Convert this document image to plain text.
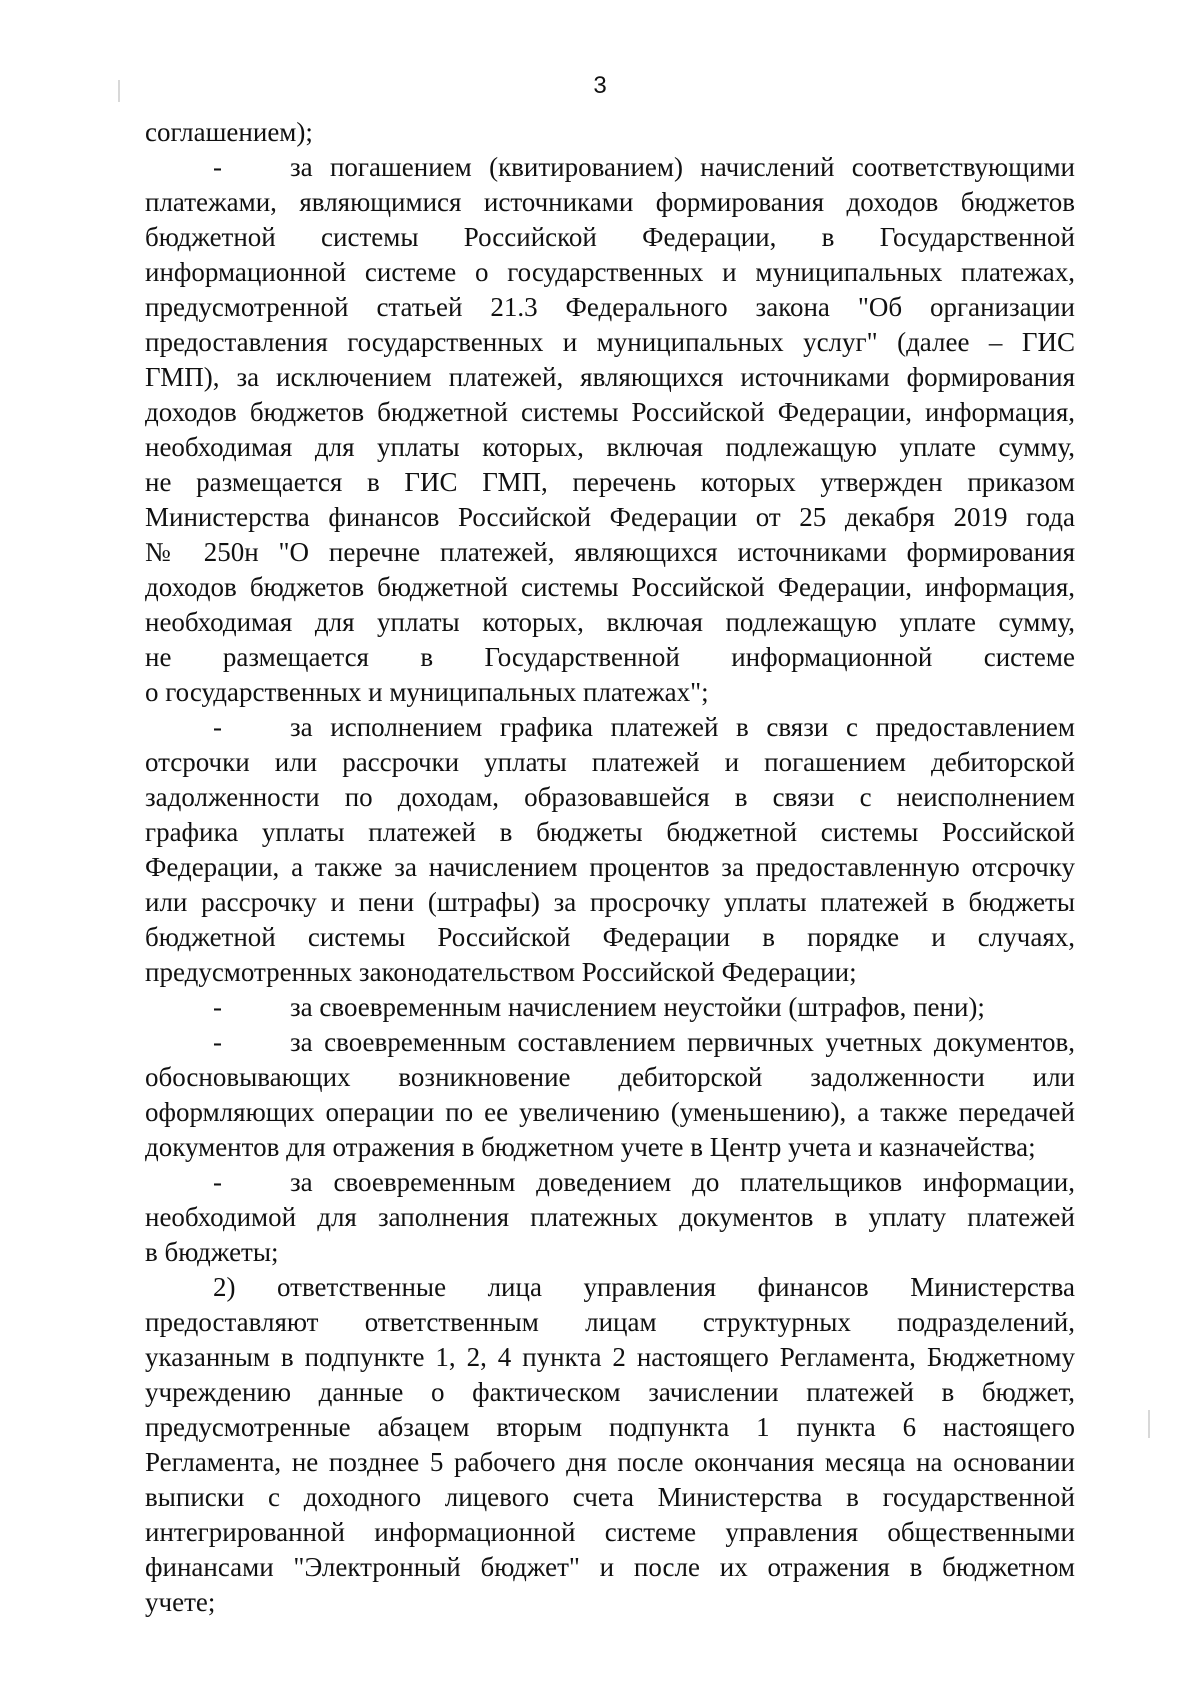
3
соглашением);
-	за погашением (квитированием) начислений соответствующими
платежами, являющимися источниками формирования доходов бюджетов
бюджетной системы Российской Федерации, в Государственной
информационной системе о государственных и муниципальных платежах,
предусмотренной статьей 21.3 Федерального закона "Об организации
предоставления государственных и муниципальных услуг" (далее – ГИС
ГМП), за исключением платежей, являющихся источниками формирования
доходов бюджетов бюджетной системы Российской Федерации, информация,
необходимая для уплаты которых, включая подлежащую уплате сумму,
не размещается в ГИС ГМП, перечень которых утвержден приказом
Министерства финансов Российской Федерации от 25 декабря 2019 года
№ 250н "О перечне платежей, являющихся источниками формирования
доходов бюджетов бюджетной системы Российской Федерации, информация,
необходимая для уплаты которых, включая подлежащую уплате сумму,
не размещается в Государственной информационной системе
о государственных и муниципальных платежах";
-	за исполнением графика платежей в связи с предоставлением
отсрочки или рассрочки уплаты платежей и погашением дебиторской
задолженности по доходам, образовавшейся в связи с неисполнением
графика уплаты платежей в бюджеты бюджетной системы Российской
Федерации, а также за начислением процентов за предоставленную отсрочку
или рассрочку и пени (штрафы) за просрочку уплаты платежей в бюджеты
бюджетной системы Российской Федерации в порядке и случаях,
предусмотренных законодательством Российской Федерации;
-	за своевременным начислением неустойки (штрафов, пени);
-	за своевременным составлением первичных учетных документов,
обосновывающих возникновение дебиторской задолженности или
оформляющих операции по ее увеличению (уменьшению), а также передачей
документов для отражения в бюджетном учете в Центр учета и казначейства;
-	за своевременным доведением до плательщиков информации,
необходимой для заполнения платежных документов в уплату платежей
в бюджеты;
2) ответственные лица управления финансов Министерства
предоставляют ответственным лицам структурных подразделений,
указанным в подпункте 1, 2, 4 пункта 2 настоящего Регламента, Бюджетному
учреждению данные о фактическом зачислении платежей в бюджет,
предусмотренные абзацем вторым подпункта 1 пункта 6 настоящего
Регламента, не позднее 5 рабочего дня после окончания месяца на основании
выписки с доходного лицевого счета Министерства в государственной
интегрированной информационной системе управления общественными
финансами "Электронный бюджет" и после их отражения в бюджетном
учете;
